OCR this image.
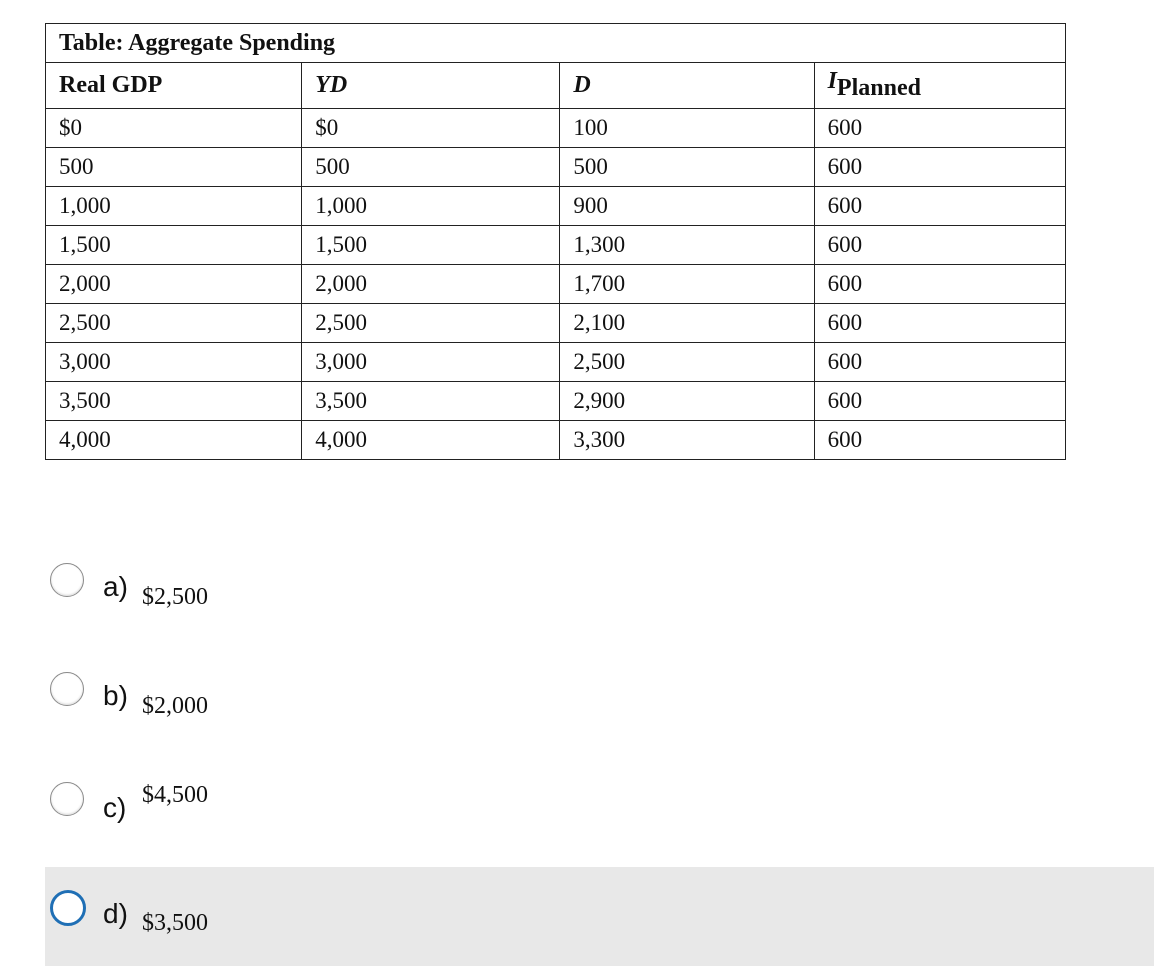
Table: Aggregate Spending			
Real GDP	YD	D	IPlanned
$0	$0	100	600
500	500	500	600
1,000	1,000	900	600
1,500	1,500	1,300	600
2,000	2,000	1,700	600
2,500	2,500	2,100	600
3,000	3,000	2,500	600
3,500	3,500	2,900	600
4,000	4,000	3,300	600
a) $2,500
b) $2,000
c) $4,500
d) $3,500
